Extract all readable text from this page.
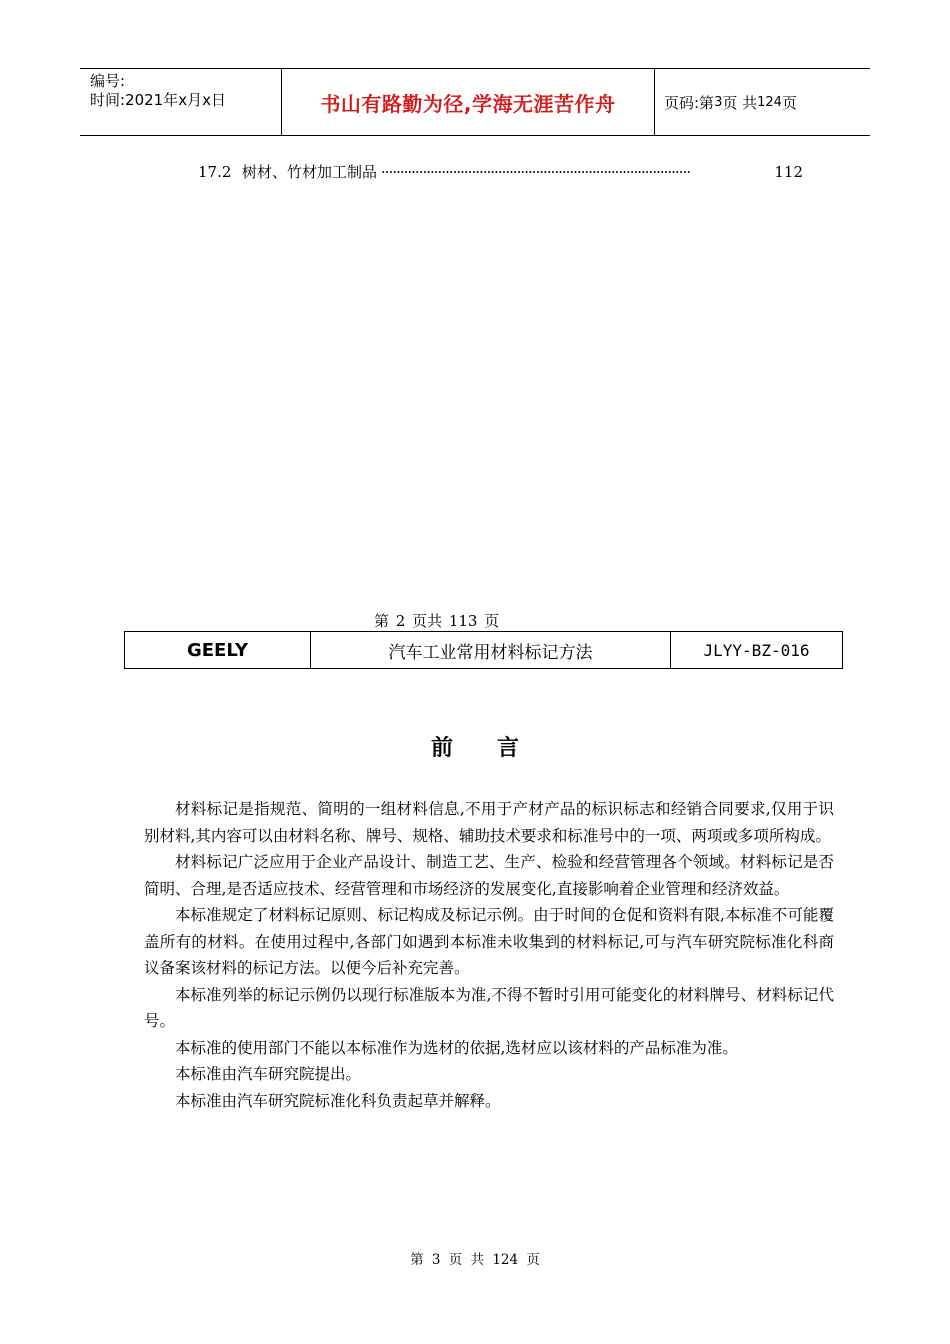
编号:
时间:2021年x月x日	书山有路勤为径,学海无涯苦作舟	页码:第 3 页 共 124 页
17.2 树材、竹材加工制品 ··················································································	112
第 2 页共 113 页
GEELY	汽车工业常用材料标记方法	JLYY-BZ-016
前　　言

材料标记是指规范、简明的一组材料信息,不用于产材产品的标识标志和经销合同要求,仅用于识别材料,其内容可以由材料名称、牌号、规格、辅助技术要求和标准号中的一项、两项或多项所构成。

材料标记广泛应用于企业产品设计、制造工艺、生产、检验和经营管理各个领域。材料标记是否简明、合理,是否适应技术、经营管理和市场经济的发展变化,直接影响着企业管理和经济效益。

本标准规定了材料标记原则、标记构成及标记示例。由于时间的仓促和资料有限,本标准不可能覆盖所有的材料。在使用过程中,各部门如遇到本标准未收集到的材料标记,可与汽车研究院标准化科商议备案该材料的标记方法。以便今后补充完善。

本标准列举的标记示例仍以现行标准版本为准,不得不暂时引用可能变化的材料牌号、材料标记代号。

本标准的使用部门不能以本标准作为选材的依据,选材应以该材料的产品标准为准。

本标准由汽车研究院提出。

本标准由汽车研究院标准化科负责起草并解释。

第 3 页 共 124 页
